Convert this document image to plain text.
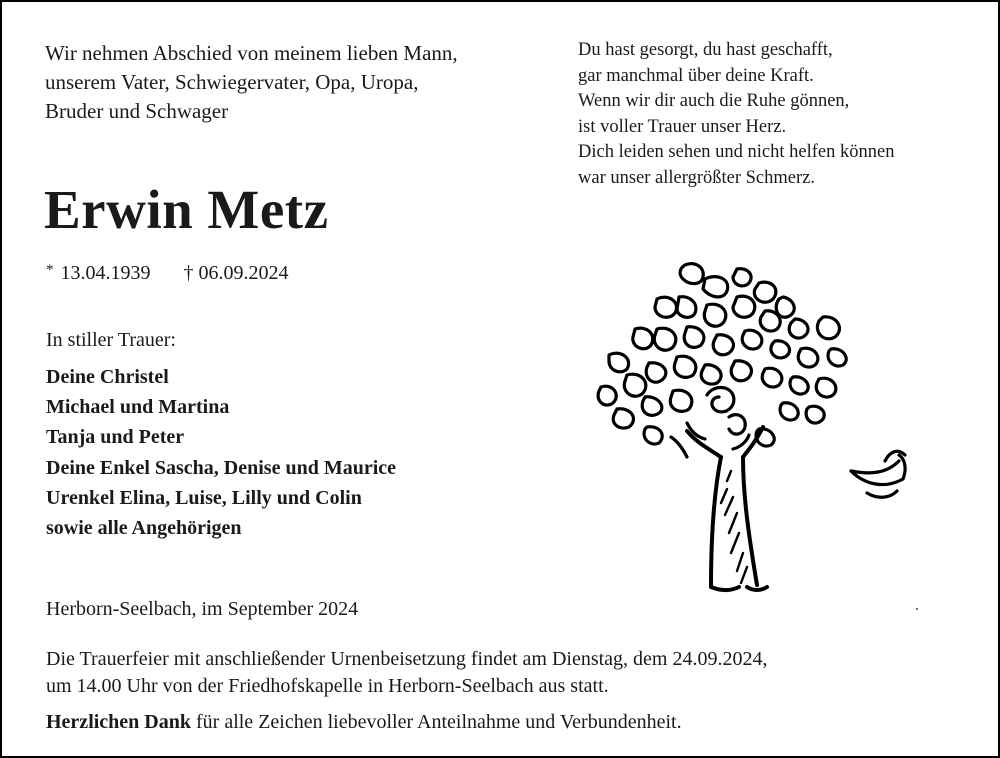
Wir nehmen Abschied von meinem lieben Mann,
unserem Vater, Schwiegervater, Opa, Uropa,
Bruder und Schwager

Du hast gesorgt, du hast geschafft,
gar manchmal über deine Kraft.
Wenn wir dir auch die Ruhe gönnen,
ist voller Trauer unser Herz.
Dich leiden sehen und nicht helfen können
war unser allergrößter Schmerz.

Erwin Metz
* 13.04.1939 † 06.09.2024
In stiller Trauer:
Deine Christel
Michael und Martina
Tanja und Peter
Deine Enkel Sascha, Denise und Maurice
Urenkel Elina, Luise, Lilly und Colin
sowie alle Angehörigen
Herborn-Seelbach, im September 2024

Die Trauerfeier mit anschließender Urnenbeisetzung findet am Dienstag, dem 24.09.2024,
um 14.00 Uhr von der Friedhofskapelle in Herborn-Seelbach aus statt.

Herzlichen Dank für alle Zeichen liebevoller Anteilnahme und Verbundenheit.
